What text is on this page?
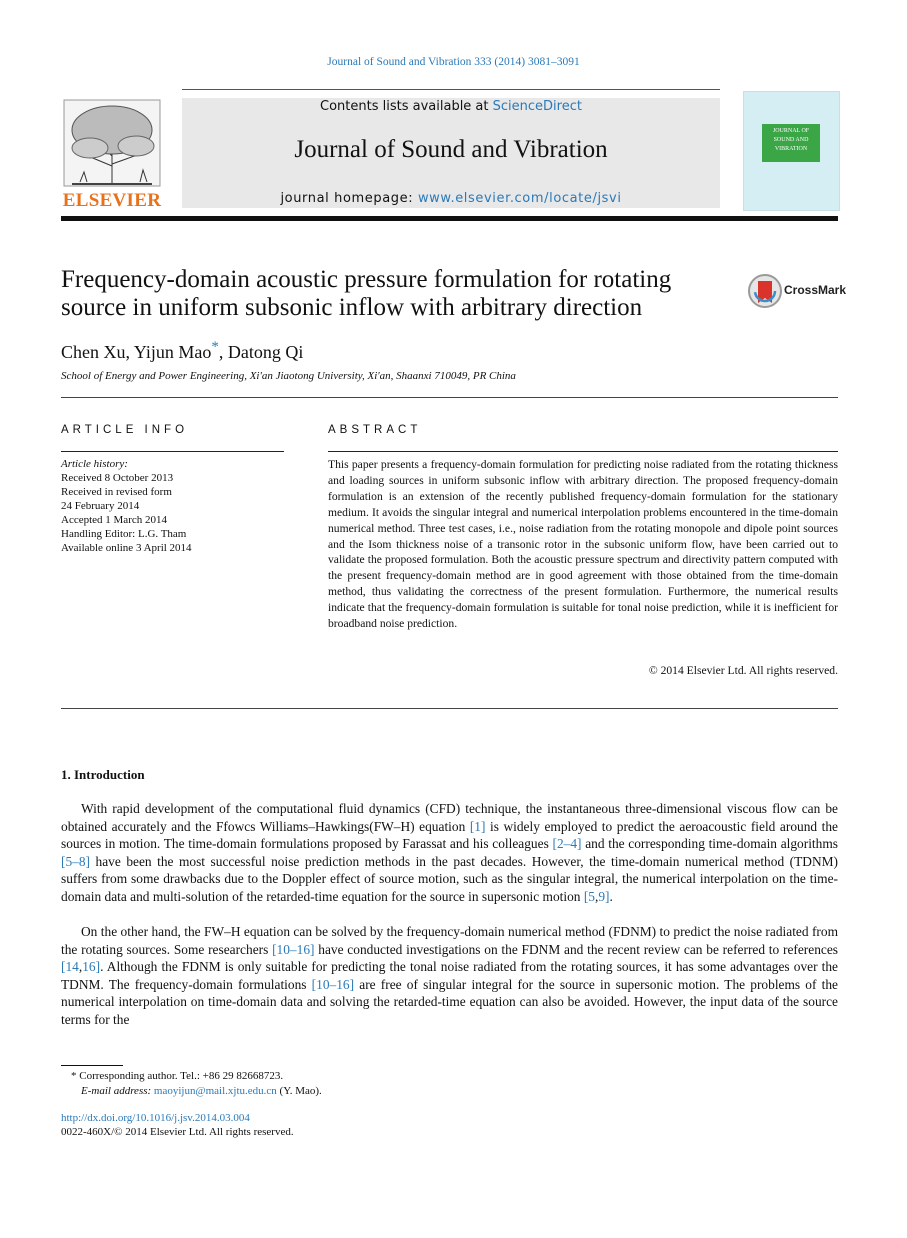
Journal of Sound and Vibration 333 (2014) 3081–3091
ELSEVIER
Contents lists available at ScienceDirect
Journal of Sound and Vibration
journal homepage: www.elsevier.com/locate/jsvi
JOURNAL OF SOUND AND VIBRATION
Frequency-domain acoustic pressure formulation for rotating source in uniform subsonic inflow with arbitrary direction
CrossMark
Chen Xu, Yijun Mao*, Datong Qi
School of Energy and Power Engineering, Xi'an Jiaotong University, Xi'an, Shaanxi 710049, PR China
ARTICLE INFO
Article history:
Received 8 October 2013
Received in revised form
24 February 2014
Accepted 1 March 2014
Handling Editor: L.G. Tham
Available online 3 April 2014
ABSTRACT
This paper presents a frequency-domain formulation for predicting noise radiated from the rotating thickness and loading sources in uniform subsonic inflow with arbitrary direction. The proposed frequency-domain formulation is an extension of the recently published frequency-domain formulation for the stationary medium. It avoids the singular integral and numerical interpolation problems encountered in the time-domain numerical method. Three test cases, i.e., noise radiation from the rotating monopole and dipole point sources and the Isom thickness noise of a transonic rotor in the subsonic uniform flow, have been carried out to validate the proposed formulation. Both the acoustic pressure spectrum and directivity pattern computed with the present frequency-domain method are in good agreement with those obtained from the time-domain method, thus validating the correctness of the present formulation. Furthermore, the numerical results indicate that the frequency-domain formulation is suitable for tonal noise prediction, while it is inefficient for broadband noise prediction.
© 2014 Elsevier Ltd. All rights reserved.
1. Introduction
With rapid development of the computational fluid dynamics (CFD) technique, the instantaneous three-dimensional viscous flow can be obtained accurately and the Ffowcs Williams–Hawkings(FW–H) equation [1] is widely employed to predict the aeroacoustic field around the sources in motion. The time-domain formulations proposed by Farassat and his colleagues [2–4] and the corresponding time-domain algorithms [5–8] have been the most successful noise prediction methods in the past decades. However, the time-domain numerical method (TDNM) suffers from some drawbacks due to the Doppler effect of source motion, such as the singular integral, the numerical interpolation on the time-domain data and multi-solution of the retarded-time equation for the source in supersonic motion [5,9].
On the other hand, the FW–H equation can be solved by the frequency-domain numerical method (FDNM) to predict the noise radiated from the rotating sources. Some researchers [10–16] have conducted investigations on the FDNM and the recent review can be referred to references [14,16]. Although the FDNM is only suitable for predicting the tonal noise radiated from the rotating sources, it has some advantages over the TDNM. The frequency-domain formulations [10–16] are free of singular integral for the source in supersonic motion. The problems of the numerical interpolation on time-domain data and solving the retarded-time equation can also be avoided. However, the input data of the source terms for the
* Corresponding author. Tel.: +86 29 82668723.
E-mail address: maoyijun@mail.xjtu.edu.cn (Y. Mao).
http://dx.doi.org/10.1016/j.jsv.2014.03.004
0022-460X/© 2014 Elsevier Ltd. All rights reserved.
